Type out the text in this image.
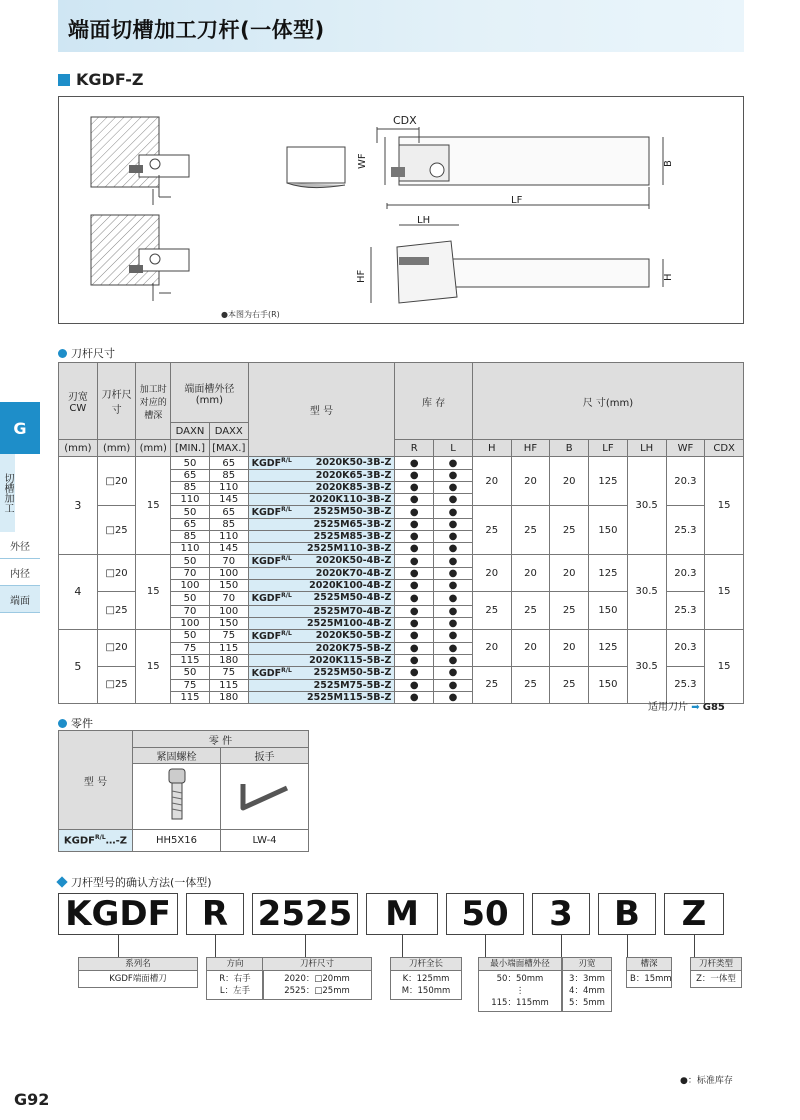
端面切槽加工刀杆(一体型)
KGDF-Z
CDX
WF	B
LF
LH
HF	H
●本图为右手(R)
G
切槽加工
外径
内径
端面
刀杆尺寸
刃宽 CW	刀杆尺寸	加工时对应的槽深	端面槽外径
(mm)		型 号	库 存		尺 寸(mm)						
			DAXN	DAXX										
(mm)	(mm)	(mm)	[MIN.]	[MAX.]		R	L	H	HF	B	LF	LH	WF	CDX
3	□20	15	50	65	$KGDF^{R/L}$ 2020K50-3B-Z	●	●	20	20	20	125	30.5	20.3	15
			65	85	2020K65-3B-Z	●	●							
			85	110	2020K85-3B-Z	●	●							
			110	145	2020K110-3B-Z	●	●							
	□25		50	65	$KGDF^{R/L}$ 2525M50-3B-Z	●	●	25	25	25	150		25.3	
			65	85	2525M65-3B-Z	●	●							
			85	110	2525M85-3B-Z	●	●							
			110	145	2525M110-3B-Z	●	●							
4	□20	15	50	70	$KGDF^{R/L}$ 2020K50-4B-Z	●	●	20	20	20	125	30.5	20.3	15
			70	100	2020K70-4B-Z	●	●							
			100	150	2020K100-4B-Z	●	●							
	□25		50	70	$KGDF^{R/L}$ 2525M50-4B-Z	●	●	25	25	25	150		25.3	
			70	100	2525M70-4B-Z	●	●							
			100	150	2525M100-4B-Z	●	●							
5	□20	15	50	75	$KGDF^{R/L}$ 2020K50-5B-Z	●	●	20	20	20	125	30.5	20.3	15
			75	115	2020K75-5B-Z	●	●							
			115	180	2020K115-5B-Z	●	●							
	□25		50	75	$KGDF^{R/L}$ 2525M50-5B-Z	●	●	25	25	25	150		25.3	
			75	115	2525M75-5B-Z	●	●							
			115	180	2525M115-5B-Z	●	●							
适用刀片 ➡ G85
零件
型 号	零 件	
	紧固螺栓	扳手

$KGDF^{R/L}\dots-Z$	HH5X16	LW-4
刀杆型号的确认方法(一体型)
KGDF R 2525 M	50	3	B	Z
系列名
KGDF端面槽刀
方向
R：右手
L：左手
刀杆尺寸
2020：□20mm
2525：□25mm
刀杆全长
K：125mm
M：150mm
最小端面槽外径
50：50mm
⋮
115：115mm
刃宽
3：3mm
4：4mm
5：5mm
槽深
B：15mm
刀杆类型
Z：一体型
●：标准库存
G92
